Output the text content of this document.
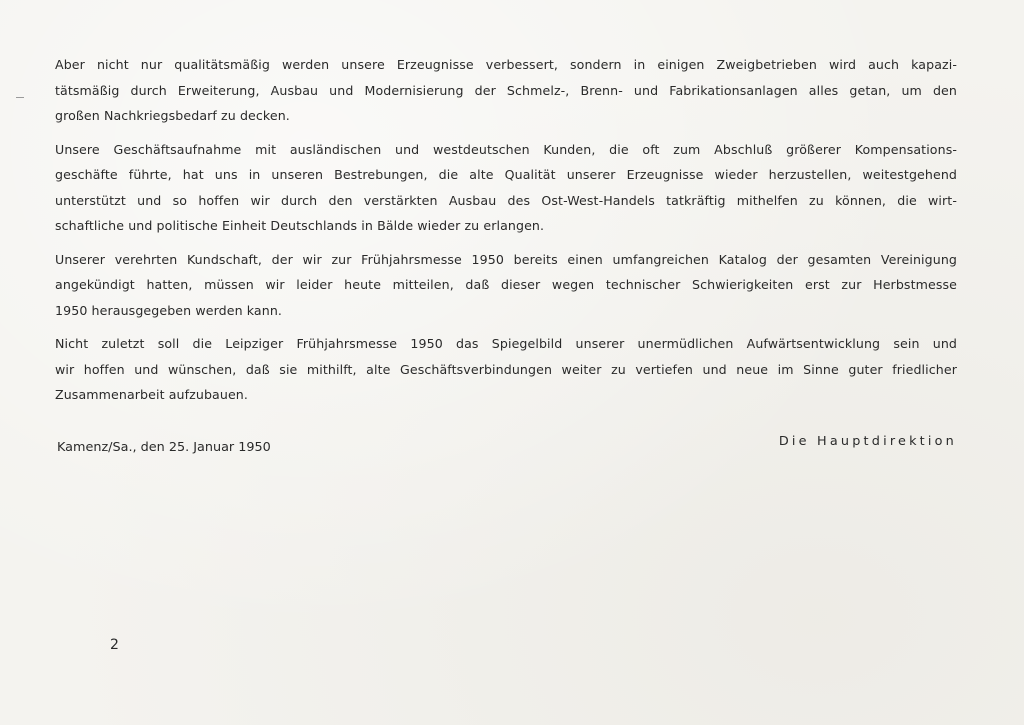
Aber nicht nur qualitätsmäßig werden unsere Erzeugnisse verbessert, sondern in einigen Zweigbetrieben wird auch kapazi-
tätsmäßig durch Erweiterung, Ausbau und Modernisierung der Schmelz-, Brenn- und Fabrikationsanlagen alles getan, um den
großen Nachkriegsbedarf zu decken.

Unsere Geschäftsaufnahme mit ausländischen und westdeutschen Kunden, die oft zum Abschluß größerer Kompensations-
geschäfte führte, hat uns in unseren Bestrebungen, die alte Qualität unserer Erzeugnisse wieder herzustellen, weitestgehend
unterstützt und so hoffen wir durch den verstärkten Ausbau des Ost-West-Handels tatkräftig mithelfen zu können, die wirt-
schaftliche und politische Einheit Deutschlands in Bälde wieder zu erlangen.

Unserer verehrten Kundschaft, der wir zur Frühjahrsmesse 1950 bereits einen umfangreichen Katalog der gesamten Vereinigung
angekündigt hatten, müssen wir leider heute mitteilen, daß dieser wegen technischer Schwierigkeiten erst zur Herbstmesse
1950 herausgegeben werden kann.

Nicht zuletzt soll die Leipziger Frühjahrsmesse 1950 das Spiegelbild unserer unermüdlichen Aufwärtsentwicklung sein und
wir hoffen und wünschen, daß sie mithilft, alte Geschäftsverbindungen weiter zu vertiefen und neue im Sinne guter friedlicher
Zusammenarbeit aufzubauen.

Kamenz/Sa., den 25. Januar 1950	Die Hauptdirektion
2
